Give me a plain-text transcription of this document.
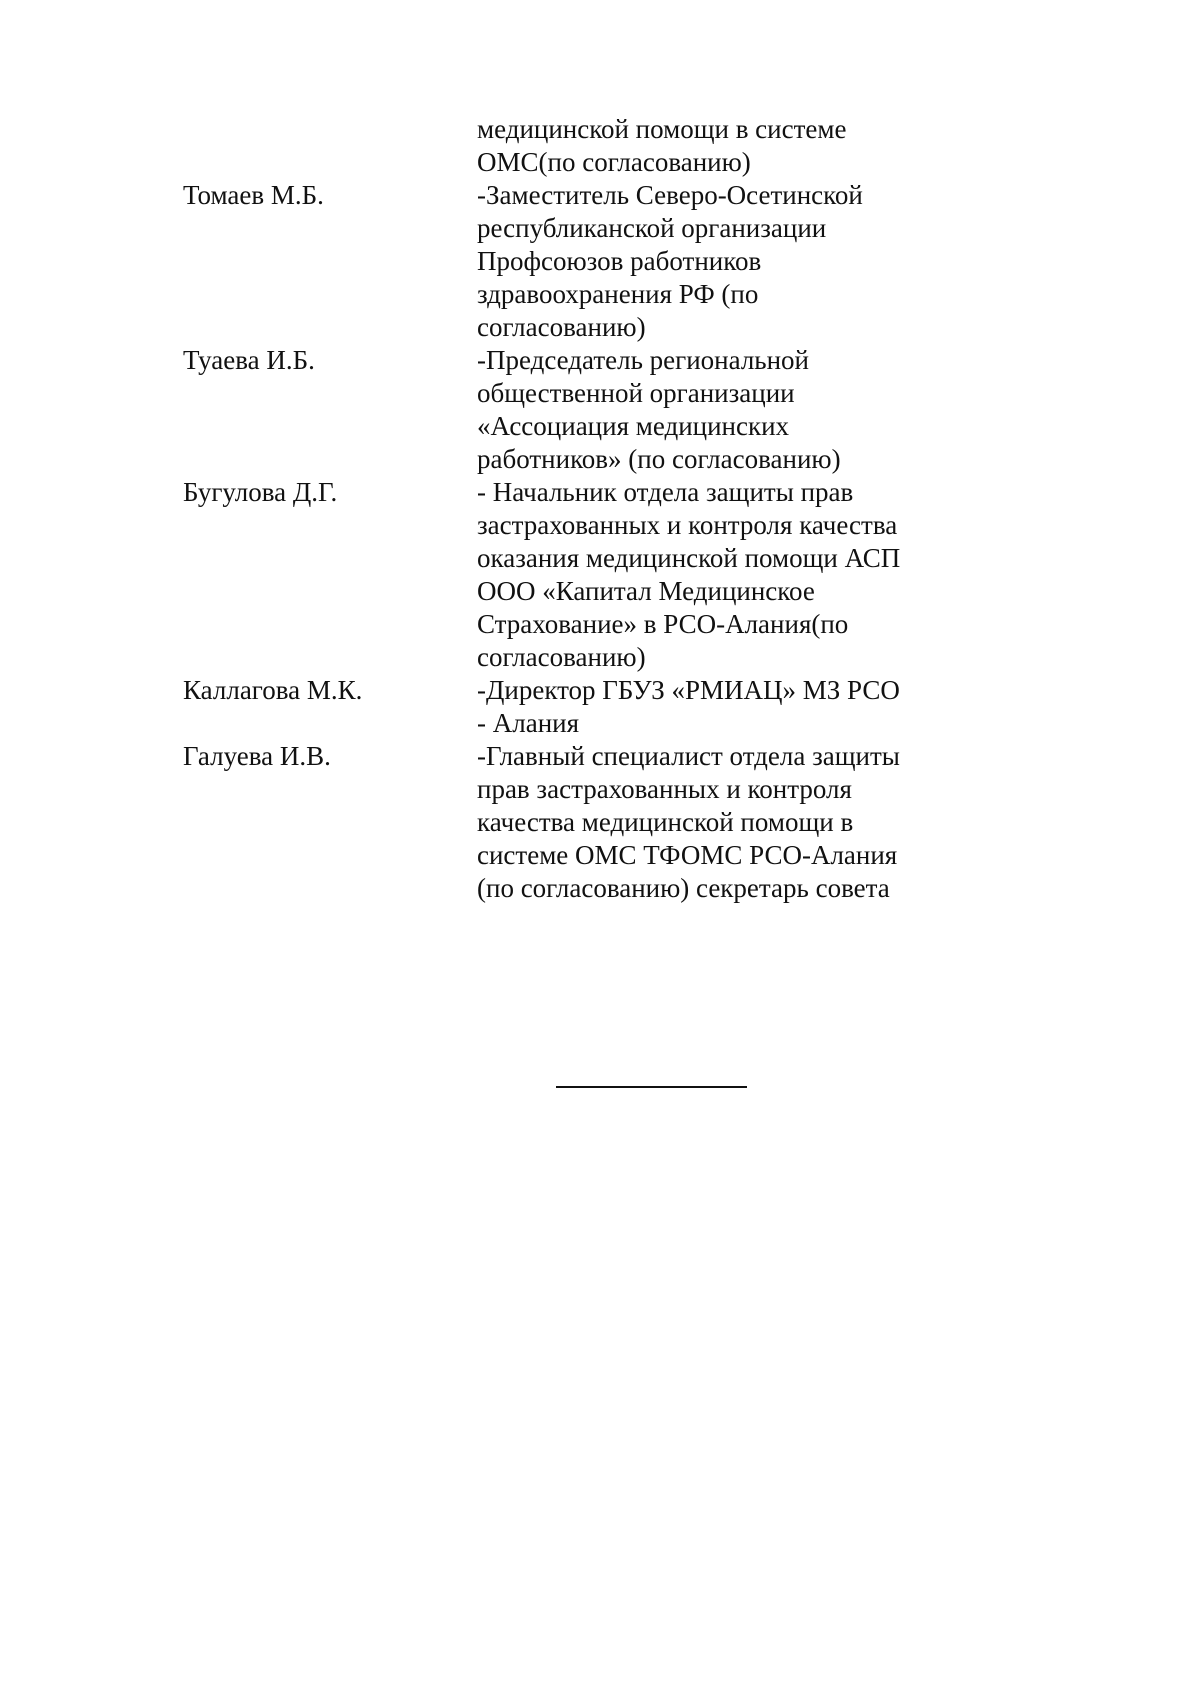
медицинской помощи в системе
ОМС(по согласованию)
Томаев М.Б.	-Заместитель Северо-Осетинской
республиканской организации
Профсоюзов работников
здравоохранения РФ (по
согласованию)
Туаева И.Б.	-Председатель региональной
общественной организации
«Ассоциация медицинских
работников» (по согласованию)
Бугулова Д.Г.	- Начальник отдела защиты прав
застрахованных и контроля качества
оказания медицинской помощи АСП
ООО «Капитал Медицинское
Страхование» в РСО-Алания(по
согласованию)
Каллагова М.К.	-Директор ГБУЗ «РМИАЦ» МЗ РСО
- Алания
Галуева И.В.	-Главный специалист отдела защиты
прав застрахованных и контроля
качества медицинской помощи в
системе ОМС ТФОМС РСО-Алания
(по согласованию) секретарь совета
